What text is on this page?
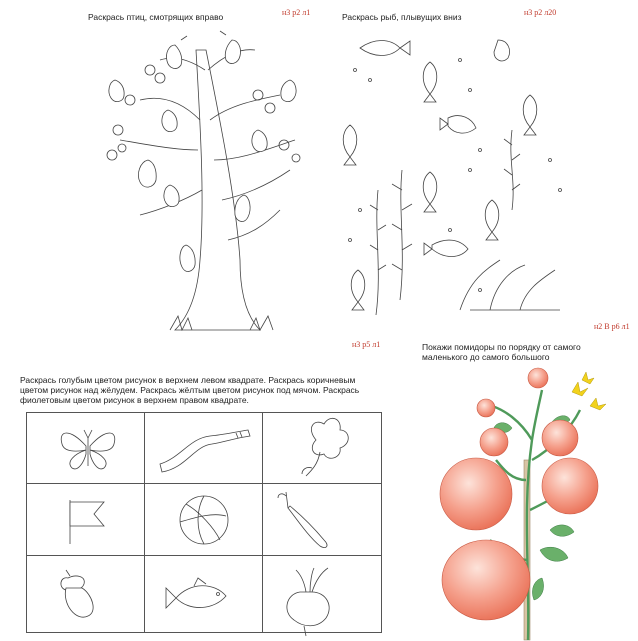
Раскрась птиц, смотрящих вправо	н3 р2 л1	Раскрась рыб, плывущих вниз	н3 р2 л20
н3 р5 л1
Раскрась голубым цветом рисунок в верхнем левом квадрате. Раскрась коричневым цветом рисунок над жёлудем. Раскрась жёлтым цветом рисунок под мячом. Раскрась фиолетовым цветом рисунок в верхнем правом квадрате.
н2 В р6 л1
Покажи помидоры по порядку от самого маленького до самого большого
